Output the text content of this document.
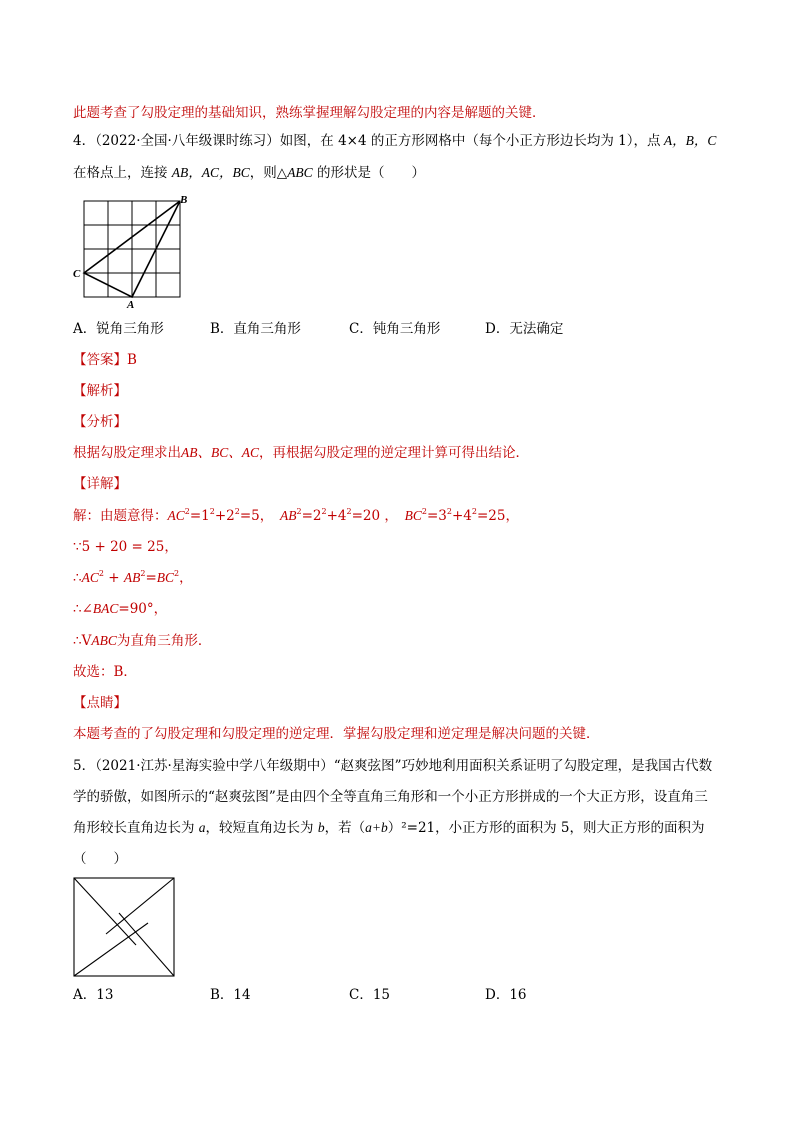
此题考查了勾股定理的基础知识，熟练掌握理解勾股定理的内容是解题的关键．
4．（2022·全国·八年级课时练习）如图，在 4×4 的正方形网格中（每个小正方形边长均为 1），点 A，B，C
在格点上，连接 AB，AC，BC，则△ABC 的形状是（　　）
B
C
A
A．锐角三角形	B．直角三角形	C．钝角三角形	D．无法确定
【答案】B
【解析】
【分析】
根据勾股定理求出AB、BC、AC，再根据勾股定理的逆定理计算可得出结论．
【详解】
解：由题意得：$AC^2=1^2+2^2=5$，  $AB^2=2^2+4^2=20$ ，  $BC^2=3^2+4^2=25$，
∵5 + 20 = 25，
$\therefore AC^2 + AB^2=BC^2$，
∴∠BAC=90°，
∴VABC为直角三角形．
故选：B．
【点睛】
本题考查的了勾股定理和勾股定理的逆定理．掌握勾股定理和逆定理是解决问题的关键．
5．（2021·江苏·星海实验中学八年级期中）“赵爽弦图”巧妙地利用面积关系证明了勾股定理，是我国古代数
学的骄傲，如图所示的“赵爽弦图”是由四个全等直角三角形和一个小正方形拼成的一个大正方形，设直角三
角形较长直角边长为 a，较短直角边长为 b，若（a+b）²=21，小正方形的面积为 5，则大正方形的面积为
（　　）
A．13	B．14	C．15	D．16
